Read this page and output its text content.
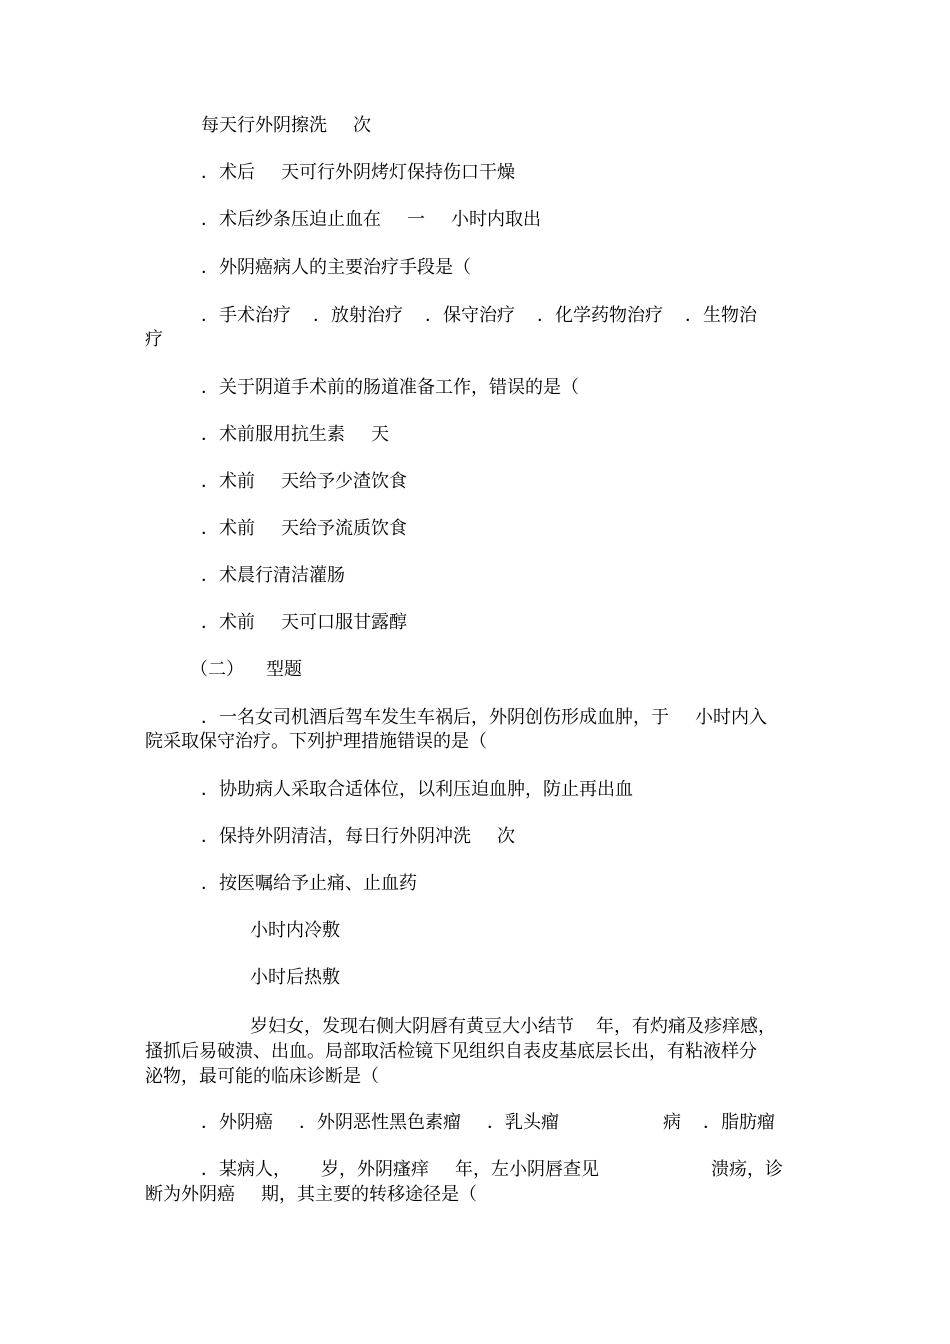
每天行外阴擦洗 次
．术后 天可行外阴烤灯保持伤口干燥
．术后纱条压迫止血在 一 小时内取出
．外阴癌病人的主要治疗手段是（
．手术治疗 ．放射治疗 ．保守治疗 ．化学药物治疗 ．生物治
疗
．关于阴道手术前的肠道准备工作，错误的是（
．术前服用抗生素 天
．术前 天给予少渣饮食
．术前 天给予流质饮食
．术晨行清洁灌肠
．术前 天可口服甘露醇
（二） 型题
．一名女司机酒后驾车发生车祸后，外阴创伤形成血肿，于 小时内入
院采取保守治疗。下列护理措施错误的是（
．协助病人采取合适体位，以利压迫血肿，防止再出血
．保持外阴清洁，每日行外阴冲洗 次
．按医嘱给予止痛、止血药
小时内冷敷
小时后热敷
岁妇女，发现右侧大阴唇有黄豆大小结节 年，有灼痛及疹痒感，
搔抓后易破溃、出血。局部取活检镜下见组织自表皮基底层长出，有粘液样分
泌物，最可能的临床诊断是（
．外阴癌 ．外阴恶性黑色素瘤 ．乳头瘤	病 ．脂肪瘤
．某病人， 岁，外阴瘙痒 年，左小阴唇查见	溃疡，诊
断为外阴癌 期，其主要的转移途径是（
